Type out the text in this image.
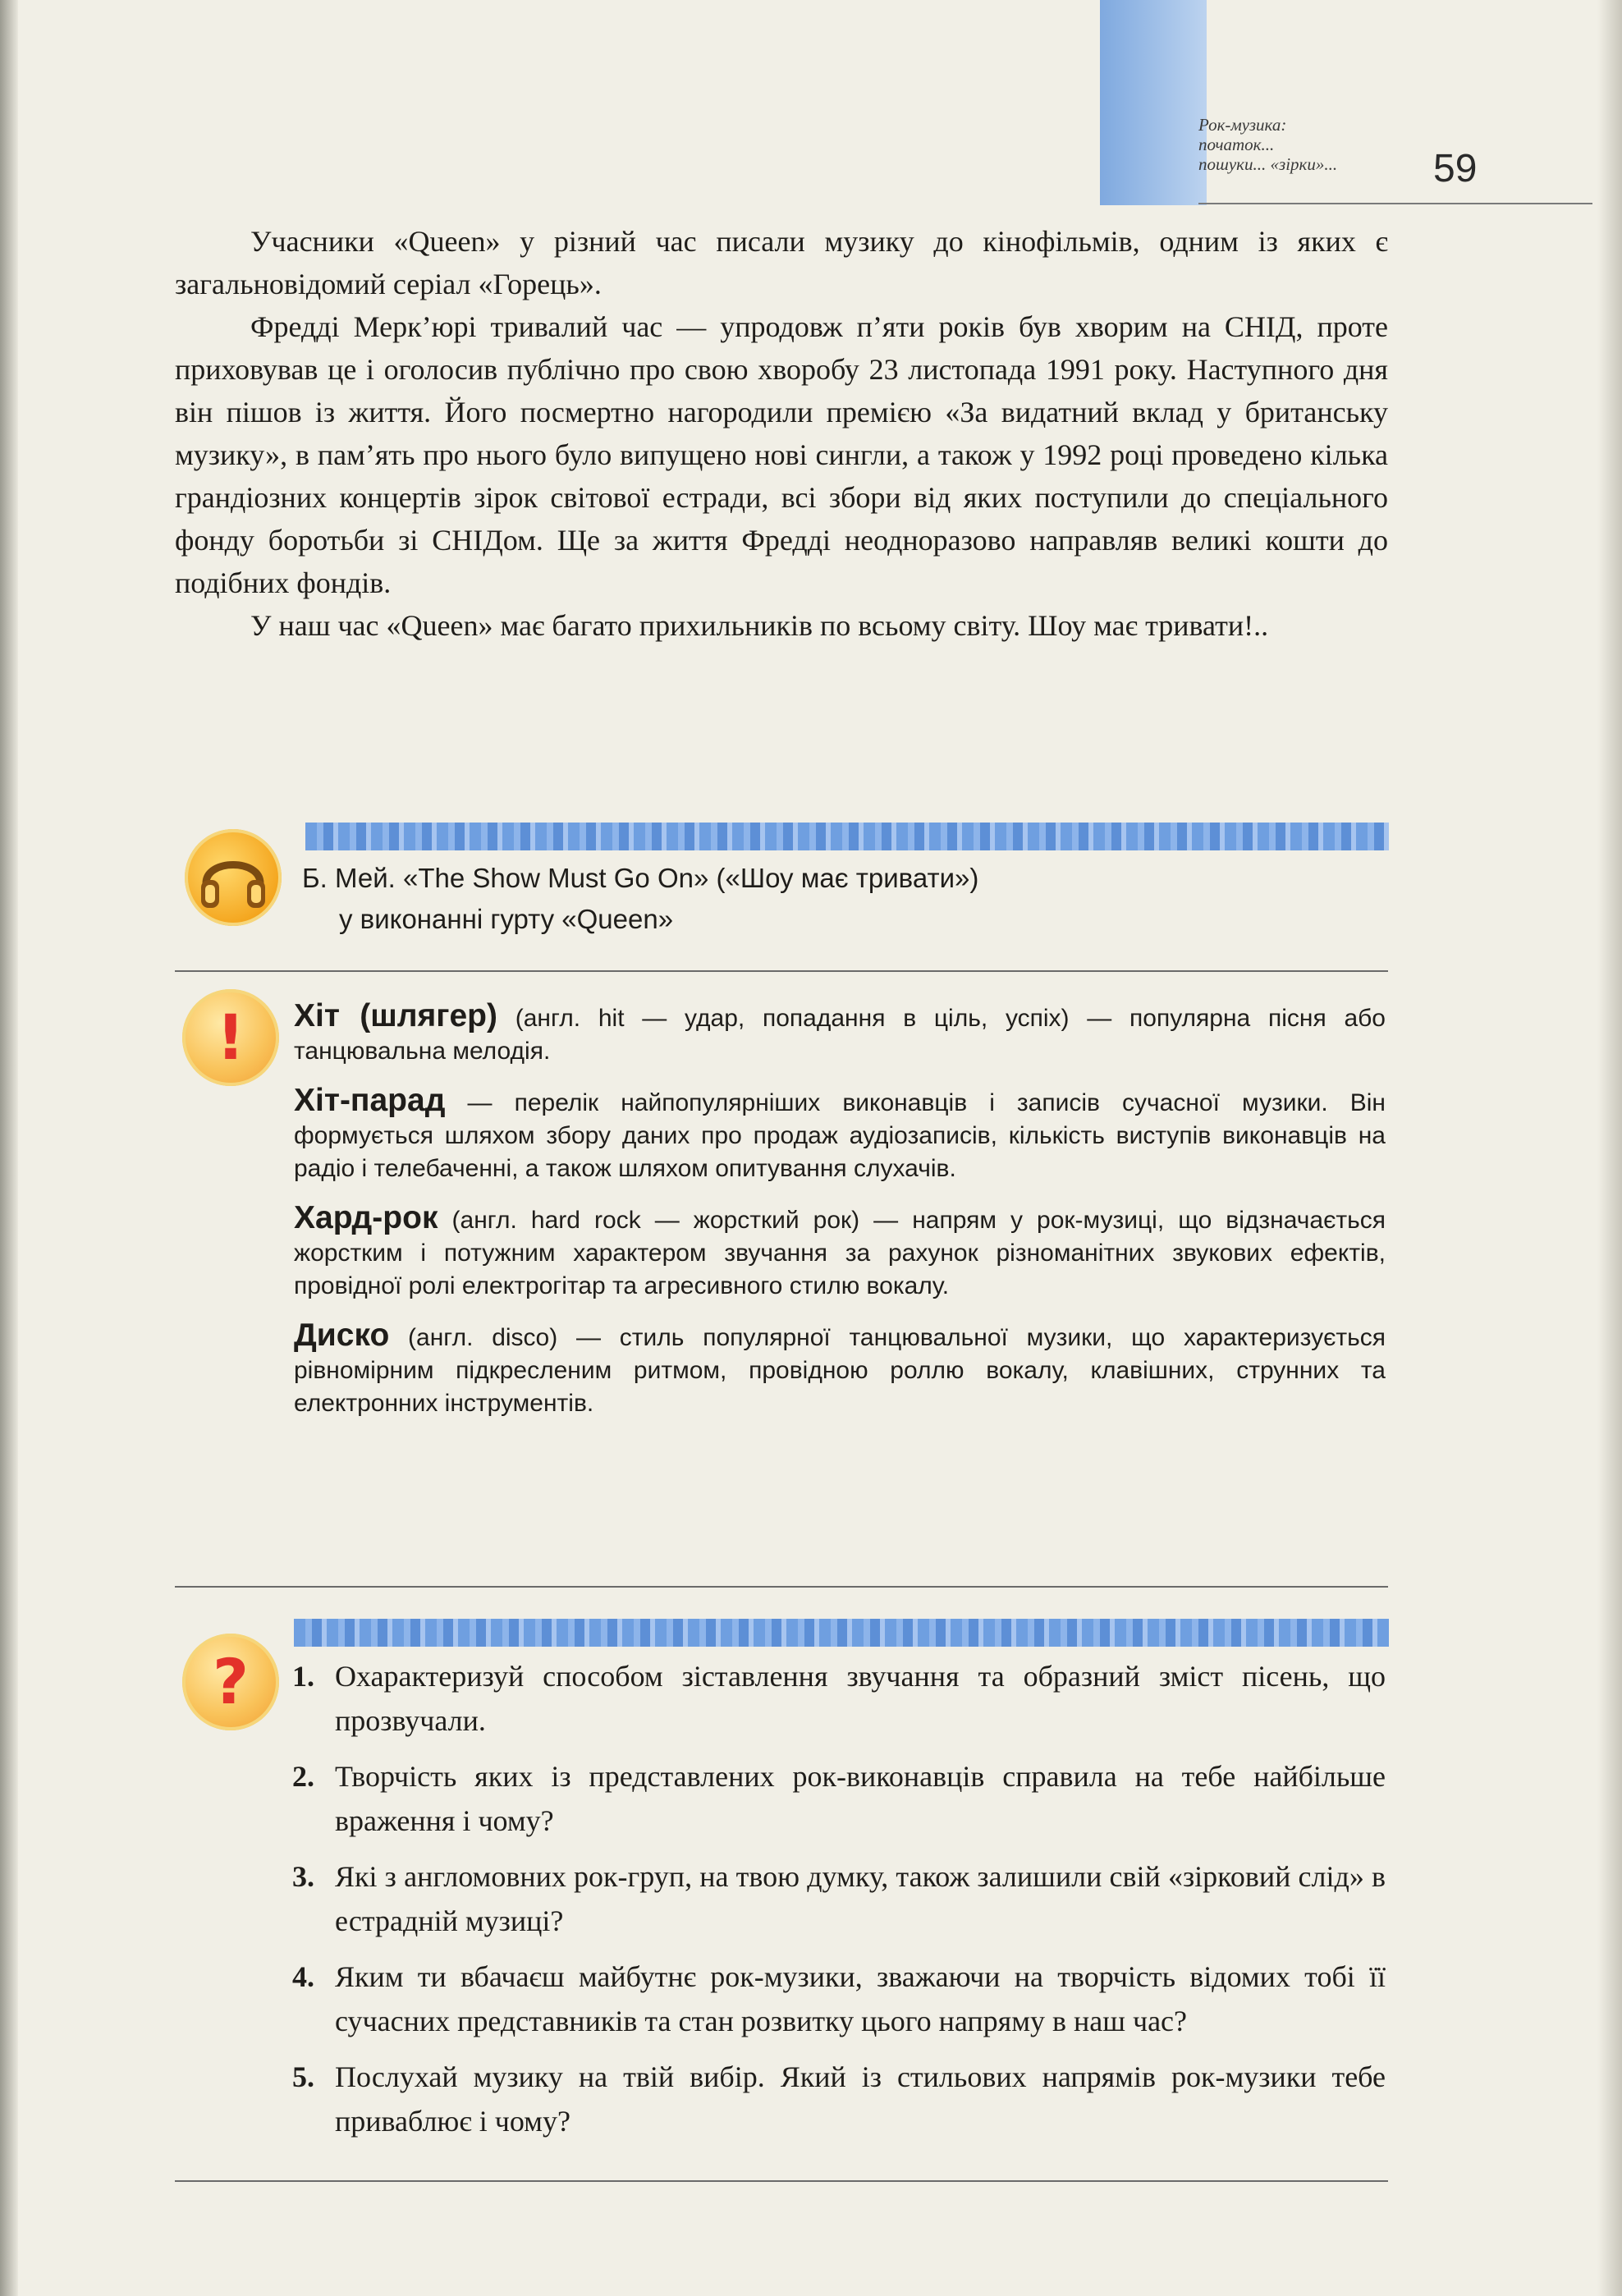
Рок-музика:
початок...
пошуки... «зірки»...	59

Учасники «Queen» у різний час писали музику до кінофільмів, одним із яких є загальновідомий серіал «Горець».

Фредді Мерк’юрі тривалий час — упродовж п’яти років був хворим на СНІД, проте приховував це і оголосив публічно про свою хворобу 23 листопада 1991 року. Наступного дня він пішов із життя. Його посмертно нагородили премією «За видатний вклад у британську музику», в пам’ять про нього було випущено нові сингли, а також у 1992 році проведено кілька грандіозних концертів зірок світової естради, всі збори від яких поступили до спеціального фонду боротьби зі СНІДом. Ще за життя Фредді неодноразово направляв великі кошти до подібних фондів.

У наш час «Queen» має багато прихильників по всьому світу. Шоу має тривати!..

Б. Мей. «The Show Must Go On» («Шоу має тривати»)
у виконанні гурту «Queen»
!	Хіт (шлягер) (англ. hit — удар, попадання в ціль, успіх) — популярна пісня або танцювальна мелодія.
Хіт-парад — перелік найпопулярніших виконавців і записів сучасної музики. Він формується шляхом збору даних про продаж аудіозаписів, кількість виступів виконавців на радіо і телебаченні, а також шляхом опитування слухачів.
Хард-рок (англ. hard rock — жорсткий рок) — напрям у рок-музиці, що відзначається жорстким і потужним характером звучання за рахунок різноманітних звукових ефектів, провідної ролі електрогітар та агресивного стилю вокалу.
Диско (англ. disco) — стиль популярної танцювальної музики, що характеризується рівномірним підкресленим ритмом, провідною роллю вокалу, клавішних, струнних та електронних інструментів.
?	1. Охарактеризуй способом зіставлення звучання та образний зміст пісень, що прозвучали.
2. Творчість яких із представлених рок-виконавців справила на тебе найбільше враження і чому?
3. Які з англомовних рок-груп, на твою думку, також залишили свій «зірковий слід» в естрадній музиці?
4. Яким ти вбачаєш майбутнє рок-музики, зважаючи на творчість відомих тобі її сучасних представників та стан розвитку цього напряму в наш час?
5. Послухай музику на твій вибір. Який із стильових напрямів рок-музики тебе приваблює і чому?
